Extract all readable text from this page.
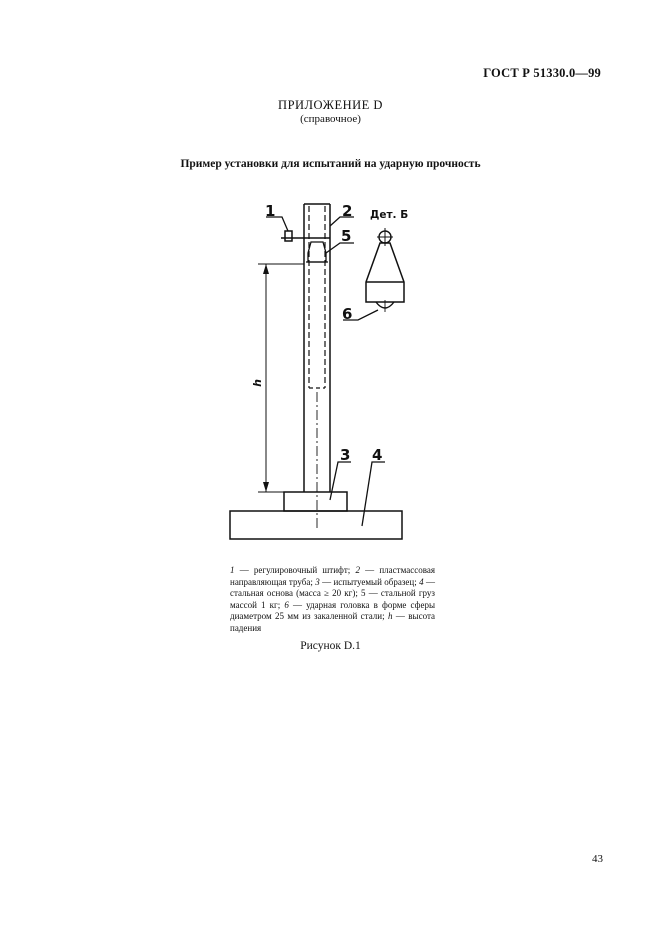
ГОСТ Р 51330.0—99
ПРИЛОЖЕНИЕ D
(справочное)
Пример установки для испытаний на ударную прочность
h
1	2
3 4
5
6
Дет. Б
1 — регулировочный штифт; 2 — пластмассовая направляющая труба; 3 — испытуемый образец; 4 — стальная основа (масса ≥ 20 кг); 5 — стальной груз массой 1 кг; 6 — ударная головка в форме сферы диаметром 25 мм из закаленной стали; h — высота падения
Рисунок D.1
43
